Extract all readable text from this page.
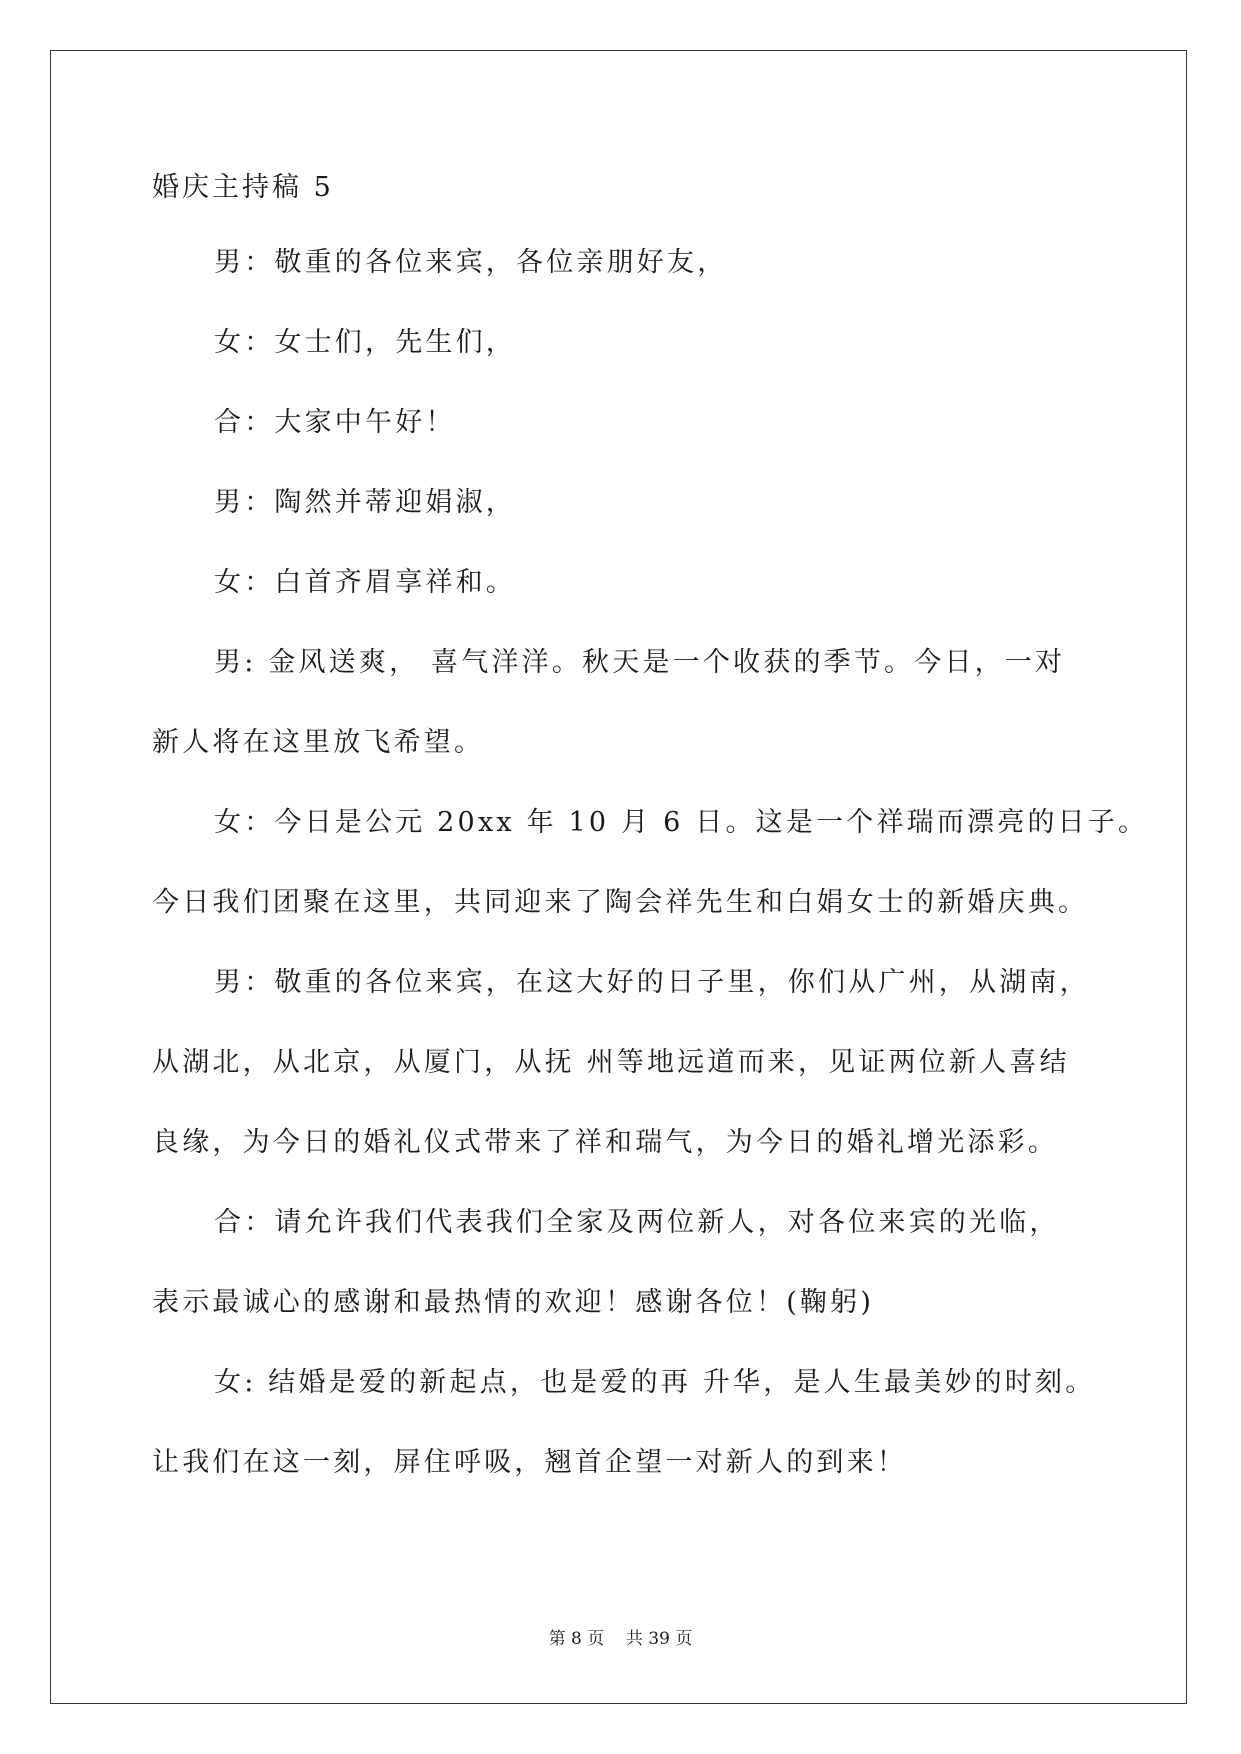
婚庆主持稿 5
男：敬重的各位来宾，各位亲朋好友，
女：女士们，先生们，
合：大家中午好！
男：陶然并蒂迎娟淑，
女：白首齐眉享祥和。
男: 金风送爽， 喜气洋洋。秋天是一个收获的季节。今日，一对
新人将在这里放飞希望。
女：今日是公元 20xx 年 10 月 6 日。这是一个祥瑞而漂亮的日子。
今日我们团聚在这里，共同迎来了陶会祥先生和白娟女士的新婚庆典。
男：敬重的各位来宾，在这大好的日子里，你们从广州，从湖南，
从湖北，从北京，从厦门，从抚 州等地远道而来，见证两位新人喜结
良缘，为今日的婚礼仪式带来了祥和瑞气，为今日的婚礼增光添彩。
合：请允许我们代表我们全家及两位新人，对各位来宾的光临，
表示最诚心的感谢和最热情的欢迎！感谢各位！(鞠躬)
女: 结婚是爱的新起点，也是爱的再 升华，是人生最美妙的时刻。
让我们在这一刻，屏住呼吸，翘首企望一对新人的到来！
第 8 页    共 39 页
